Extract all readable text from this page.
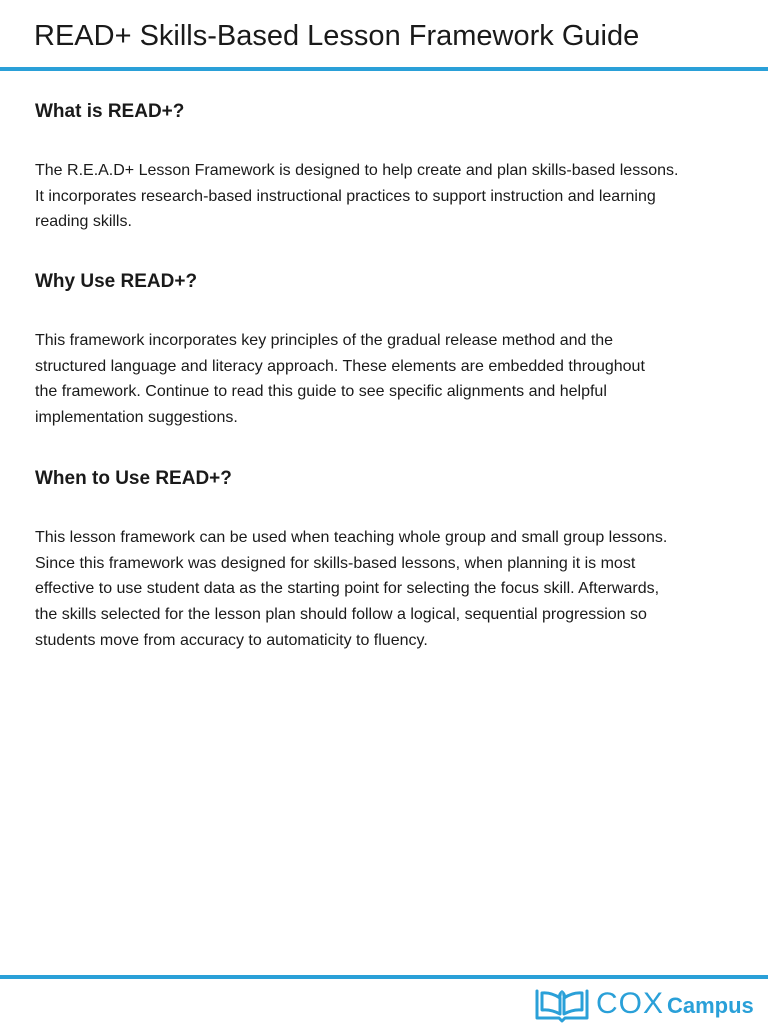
READ+ Skills-Based Lesson Framework Guide
What is READ+?

The R.E.A.D+ Lesson Framework is designed to help create and plan skills-based lessons.
It incorporates research-based instructional practices to support instruction and learning
reading skills.

Why Use READ+?

This framework incorporates key principles of the gradual release method and the
structured language and literacy approach. These elements are embedded throughout
the framework. Continue to read this guide to see specific alignments and helpful
implementation suggestions.

When to Use READ+?

This lesson framework can be used when teaching whole group and small group lessons.
Since this framework was designed for skills-based lessons, when planning it is most
effective to use student data as the starting point for selecting the focus skill. Afterwards,
the skills selected for the lesson plan should follow a logical, sequential progression so
students move from accuracy to automaticity to fluency.

COX Campus
